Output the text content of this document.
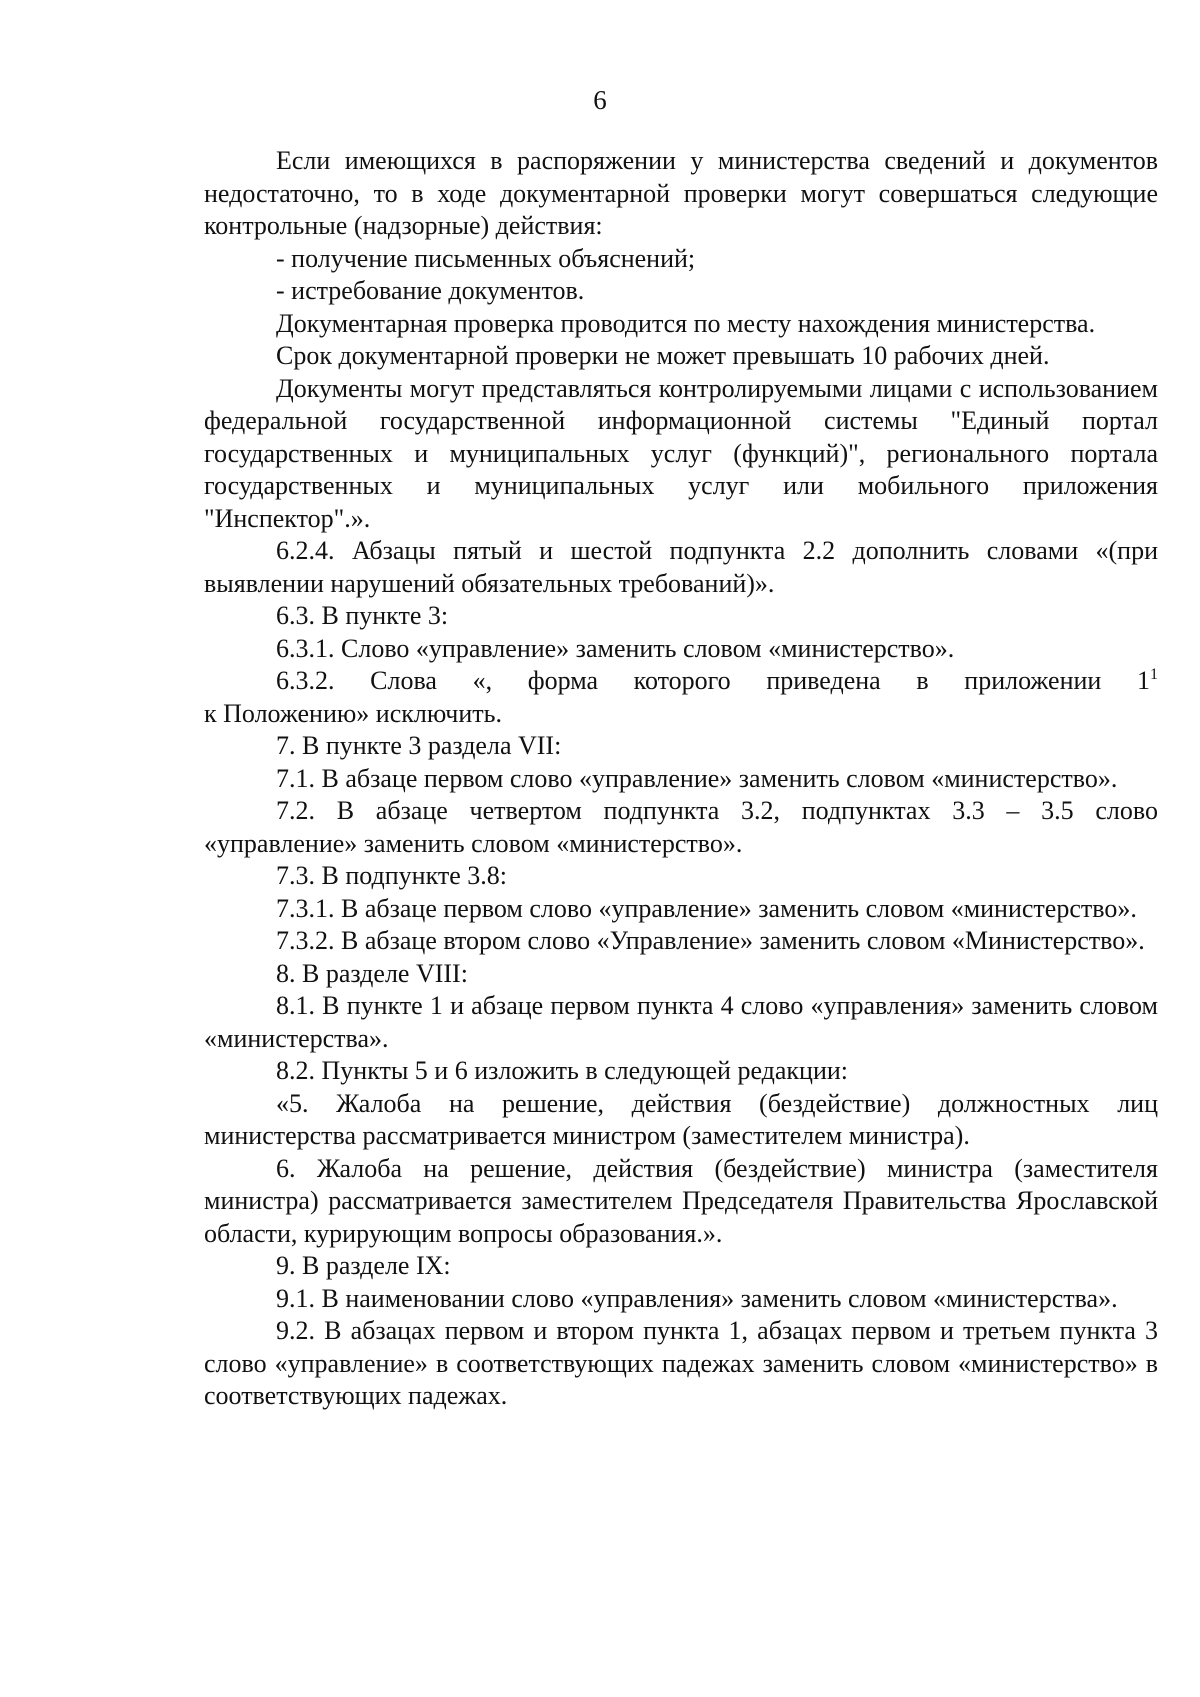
6

Если имеющихся в распоряжении у министерства сведений и документов недостаточно, то в ходе документарной проверки могут совершаться следующие контрольные (надзорные) действия:

- получение письменных объяснений;

- истребование документов.

Документарная проверка проводится по месту нахождения министерства.

Срок документарной проверки не может превышать 10 рабочих дней.

Документы могут представляться контролируемыми лицами с использованием федеральной государственной информационной системы "Единый портал государственных и муниципальных услуг (функций)", регионального портала государственных и муниципальных услуг или мобильного приложения "Инспектор".».

6.2.4. Абзацы пятый и шестой подпункта 2.2 дополнить словами «(при выявлении нарушений обязательных требований)».

6.3. В пункте 3:

6.3.1. Слово «управление» заменить словом «министерство».

6.3.2. Слова «, форма которого приведена в приложении $1^1$

к Положению» исключить.

7. В пункте 3 раздела VII:

7.1. В абзаце первом слово «управление» заменить словом «министерство».

7.2. В абзаце четвертом подпункта 3.2, подпунктах 3.3 – 3.5 слово «управление» заменить словом «министерство».

7.3. В подпункте 3.8:

7.3.1. В абзаце первом слово «управление» заменить словом «министерство».

7.3.2. В абзаце втором слово «Управление» заменить словом «Министерство».

8. В разделе VIII:

8.1. В пункте 1 и абзаце первом пункта 4 слово «управления» заменить словом «министерства».

8.2. Пункты 5 и 6 изложить в следующей редакции:

«5. Жалоба на решение, действия (бездействие) должностных лиц министерства рассматривается министром (заместителем министра).

6. Жалоба на решение, действия (бездействие) министра (заместителя министра) рассматривается заместителем Председателя Правительства Ярославской области, курирующим вопросы образования.».

9. В разделе IX:

9.1. В наименовании слово «управления» заменить словом «министерства».

9.2. В абзацах первом и втором пункта 1, абзацах первом и третьем пункта 3 слово «управление» в соответствующих падежах заменить словом «министерство» в соответствующих падежах.
